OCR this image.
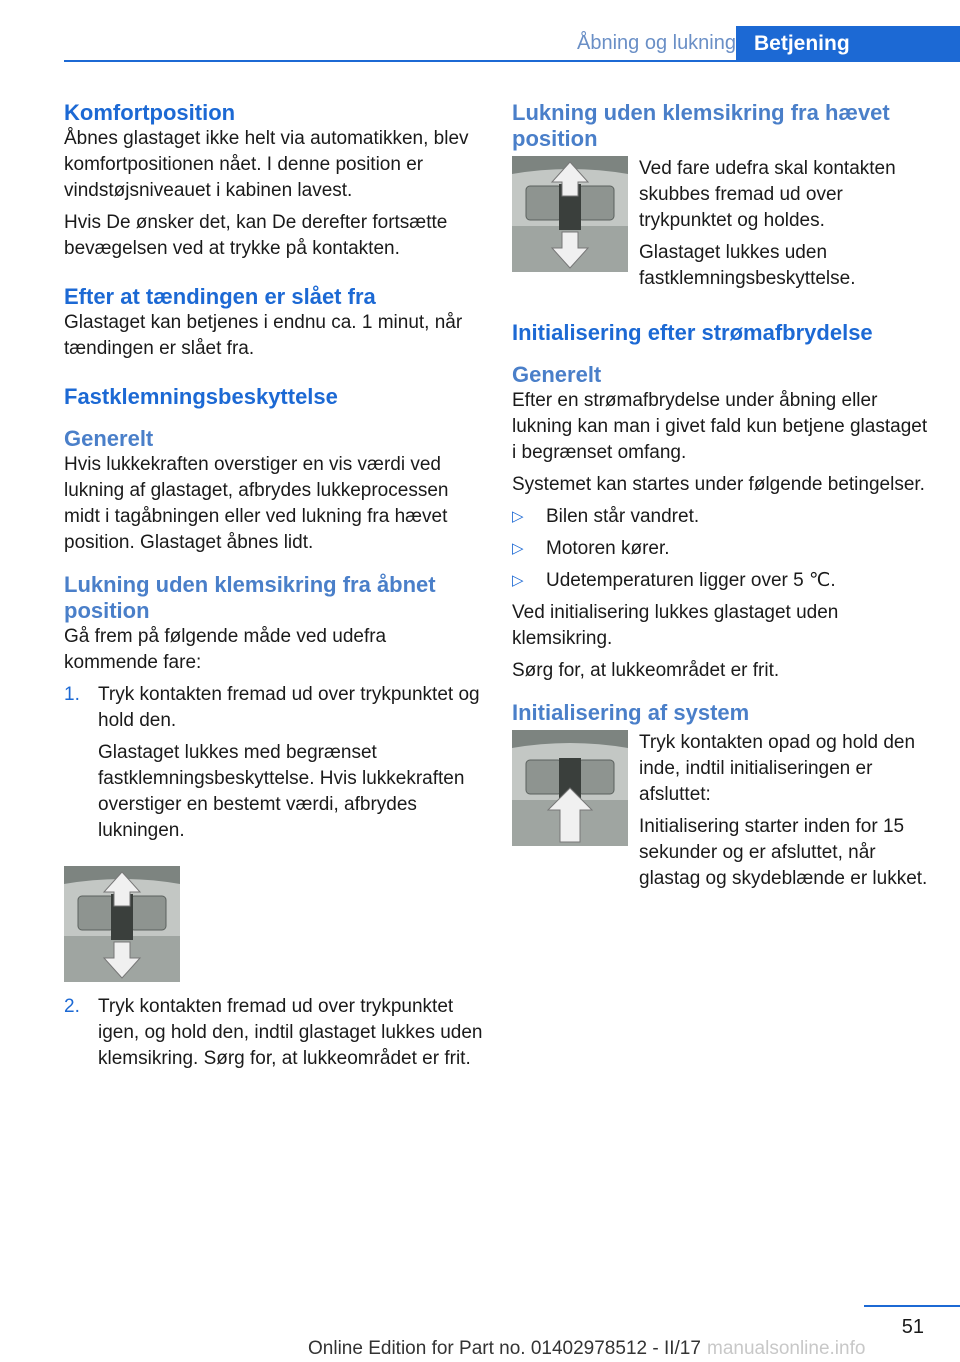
Åbning og lukning Betjening
Komfortposition

Åbnes glastaget ikke helt via automatikken, blev komfortpositionen nået. I denne position er vindstøjsniveauet i kabinen lavest.

Hvis De ønsker det, kan De derefter fortsætte bevægelsen ved at trykke på kontakten.

Efter at tændingen er slået fra

Glastaget kan betjenes i endnu ca. 1 minut, når tændingen er slået fra.

Fastklemningsbeskyttelse
Generelt

Hvis lukkekraften overstiger en vis værdi ved lukning af glastaget, afbrydes lukkeprocessen midt i tagåbningen eller ved lukning fra hævet position. Glastaget åbnes lidt.

Lukning uden klemsikring fra åbnet position

Gå frem på følgende måde ved udefra kommende fare:

1. Tryk kontakten fremad ud over trykpunktet og hold den.

Glastaget lukkes med begrænset fastklemningsbeskyttelse. Hvis lukkekraften overstiger en bestemt værdi, afbrydes lukningen.

2. Tryk kontakten fremad ud over trykpunktet igen, og hold den, indtil glastaget lukkes uden klemsikring. Sørg for, at lukkeområdet er frit.

Lukning uden klemsikring fra hævet position

Ved fare udefra skal kontakten skubbes fremad ud over trykpunktet og holdes.

Glastaget lukkes uden fastklemningsbeskyttelse.

Initialisering efter strømafbrydelse
Generelt

Efter en strømafbrydelse under åbning eller lukning kan man i givet fald kun betjene glastaget i begrænset omfang.

Systemet kan startes under følgende betingelser.

▷	Bilen står vandret.
▷	Motoren kører.
▷	Udetemperaturen ligger over 5 ℃.

Ved initialisering lukkes glastaget uden klemsikring.

Sørg for, at lukkeområdet er frit.

Initialisering af system

Tryk kontakten opad og hold den inde, indtil initialiseringen er afsluttet:

Initialisering starter inden for 15 sekunder og er afsluttet, når glastag og skydeblænde er lukket.

51
Online Edition for Part no. 01402978512 - II/17 manualsonline.info
